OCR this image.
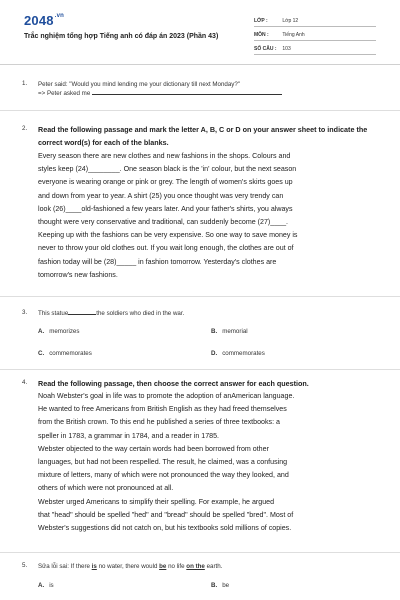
$2048^{.vn}$
Trắc nghiệm tổng hợp Tiếng anh có đáp án 2023 (Phần 43)
LỚP :	Lớp 12
MÔN :	Tiếng Anh
SỐ CÂU : 103
1. Peter said: "Would you mind lending me your dictionary till next Monday?"
=> Peter asked me
2. Read the following passage and mark the letter A, B, C or D on your answer sheet to indicate the correct word(s) for each of the blanks.
Every season there are new clothes and new fashions in the shops. Colours and
styles keep (24)________. One season black is the 'in' colour, but the next season
everyone is wearing orange or pink or grey. The length of women's skirts goes up
and down from year to year. A shirt (25) you once thought was very trendy can
look (26)____old-fashioned a few years later. And your father's shirts, you always
thought were very conservative and traditional, can suddenly become (27)____.
Keeping up with the fashions can be very expensive. So one way to save money is
never to throw your old clothes out. If you wait long enough, the clothes are out of
fashion today will be (28)_____ in fashion tomorrow. Yesterday's clothes are
tomorrow's new fashions.
3. This statue	the soldiers who died in the war.
A. memorizes	B. memorial
C. commemorates	D. commemorates
4. Read the following passage, then choose the correct answer for each question.
Noah Webster's goal in life was to promote the adoption of anAmerican language.
He wanted to free Americans from British English as they had freed themselves
from the British crown. To this end he published a series of three textbooks: a
speller in 1783, a grammar in 1784, and a reader in 1785.
Webster objected to the way certain words had been borrowed from other
languages, but had not been respelled. The result, he claimed, was a confusing
mixture of letters, many of which were not pronounced the way they looked, and
others of which were not pronounced at all.
Webster urged Americans to simplify their spelling. For example, he argued
that "head" should be spelled "hed" and "bread" should be spelled "bred". Most of
Webster's suggestions did not catch on, but his textbooks sold millions of copies.
5. Sửa lỗi sai: If there is no water, there would be no life on the earth.
A. is	B. be
